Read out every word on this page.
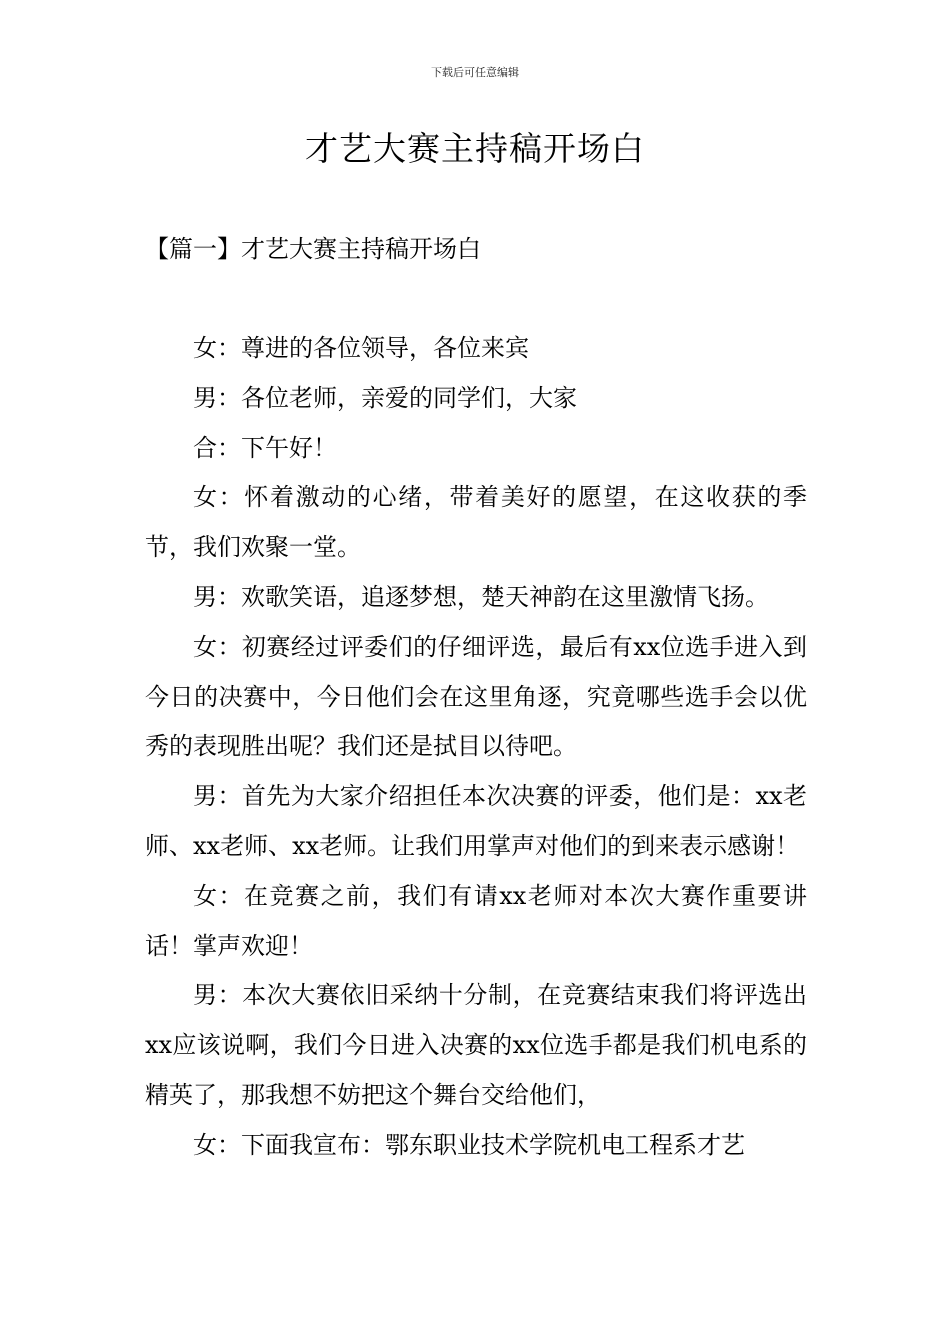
下载后可任意编辑
才艺大赛主持稿开场白
【篇一】才艺大赛主持稿开场白

女：尊进的各位领导，各位来宾

男：各位老师，亲爱的同学们，大家

合：下午好！

女：怀着激动的心绪，带着美好的愿望，在这收获的季节，我们欢聚一堂。

男：欢歌笑语，追逐梦想，楚天神韵在这里激情飞扬。

女：初赛经过评委们的仔细评选，最后有xx位选手进入到今日的决赛中，今日他们会在这里角逐，究竟哪些选手会以优秀的表现胜出呢？我们还是拭目以待吧。

男：首先为大家介绍担任本次决赛的评委，他们是：xx老师、xx老师、xx老师。让我们用掌声对他们的到来表示感谢！

女：在竞赛之前，我们有请xx老师对本次大赛作重要讲话！掌声欢迎！

男：本次大赛依旧采纳十分制，在竞赛结束我们将评选出xx应该说啊，我们今日进入决赛的xx位选手都是我们机电系的精英了，那我想不妨把这个舞台交给他们，

女：下面我宣布：鄂东职业技术学院机电工程系才艺
